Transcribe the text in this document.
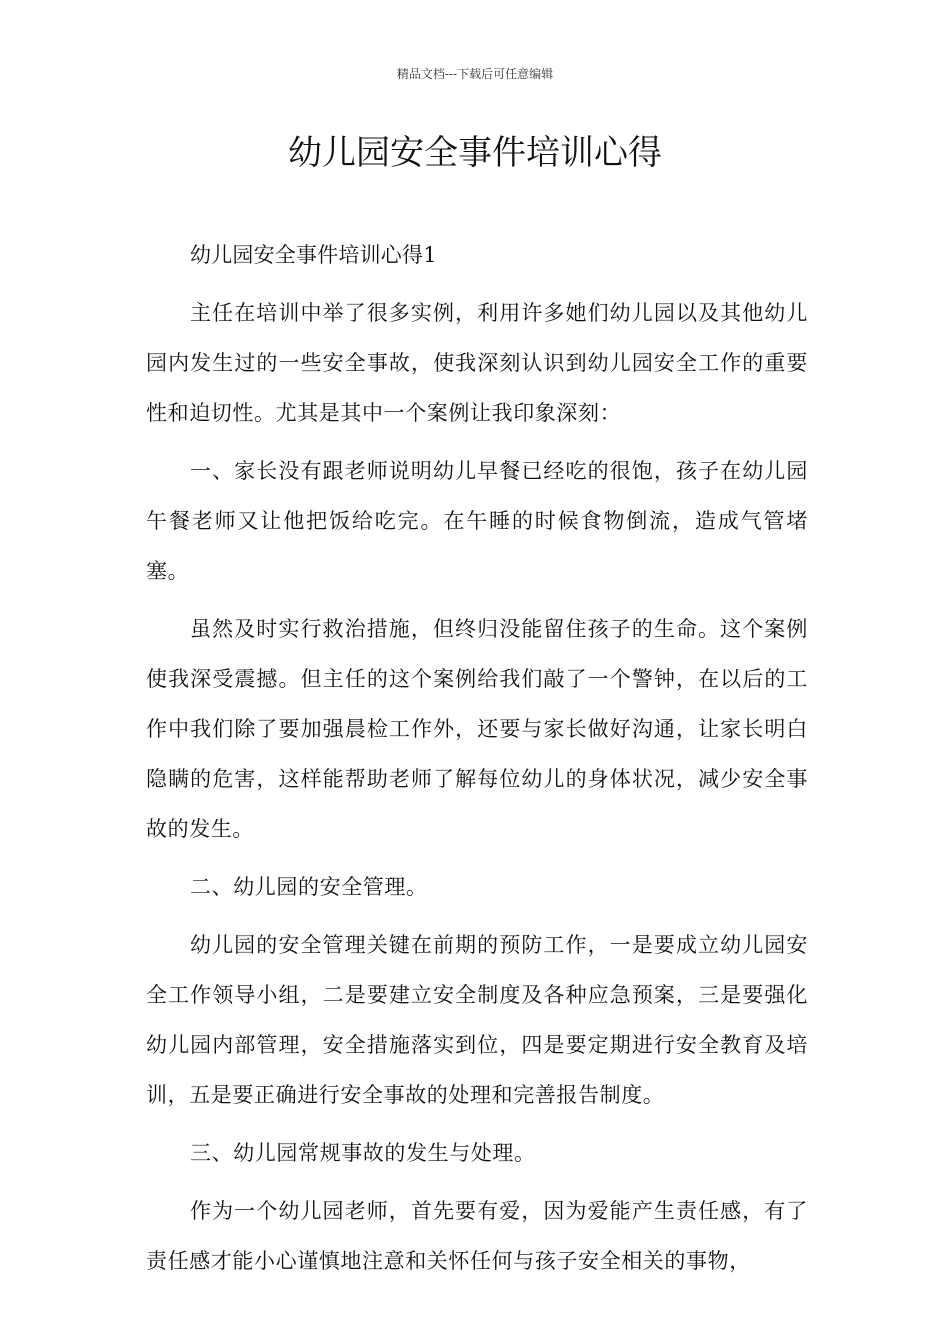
精品文档---下载后可任意编辑
幼儿园安全事件培训心得

幼儿园安全事件培训心得1

主任在培训中举了很多实例，利用许多她们幼儿园以及其他幼儿园内发生过的一些安全事故，使我深刻认识到幼儿园安全工作的重要性和迫切性。尤其是其中一个案例让我印象深刻：

一、家长没有跟老师说明幼儿早餐已经吃的很饱，孩子在幼儿园午餐老师又让他把饭给吃完。在午睡的时候食物倒流，造成气管堵塞。

虽然及时实行救治措施，但终归没能留住孩子的生命。这个案例使我深受震撼。但主任的这个案例给我们敲了一个警钟，在以后的工作中我们除了要加强晨检工作外，还要与家长做好沟通，让家长明白隐瞒的危害，这样能帮助老师了解每位幼儿的身体状况，减少安全事故的发生。

二、幼儿园的安全管理。

幼儿园的安全管理关键在前期的预防工作，一是要成立幼儿园安全工作领导小组，二是要建立安全制度及各种应急预案，三是要强化幼儿园内部管理，安全措施落实到位，四是要定期进行安全教育及培训，五是要正确进行安全事故的处理和完善报告制度。

三、幼儿园常规事故的发生与处理。

作为一个幼儿园老师，首先要有爱，因为爱能产生责任感，有了责任感才能小心谨慎地注意和关怀任何与孩子安全相关的事物，
